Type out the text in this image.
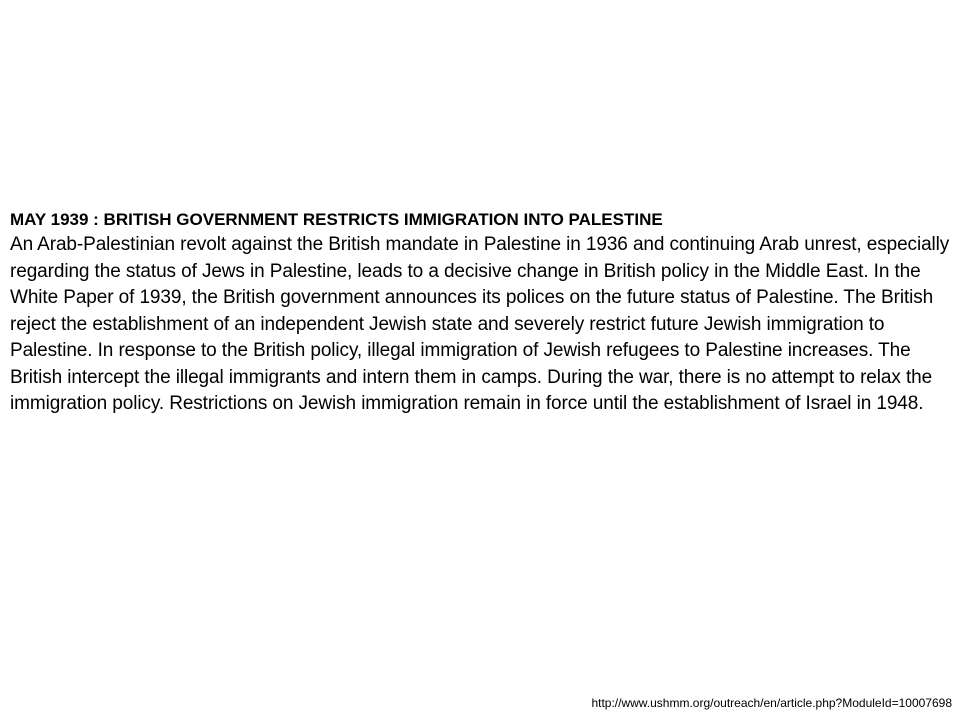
MAY 1939 : BRITISH GOVERNMENT RESTRICTS IMMIGRATION INTO PALESTINE

An Arab-Palestinian revolt against the British mandate in Palestine in 1936 and continuing Arab unrest, especially regarding the status of Jews in Palestine, leads to a decisive change in British policy in the Middle East. In the White Paper of 1939, the British government announces its polices on the future status of Palestine. The British reject the establishment of an independent Jewish state and severely restrict future Jewish immigration to Palestine. In response to the British policy, illegal immigration of Jewish refugees to Palestine increases. The British intercept the illegal immigrants and intern them in camps. During the war, there is no attempt to relax the immigration policy. Restrictions on Jewish immigration remain in force until the establishment of Israel in 1948.

http://www.ushmm.org/outreach/en/article.php?ModuleId=10007698
